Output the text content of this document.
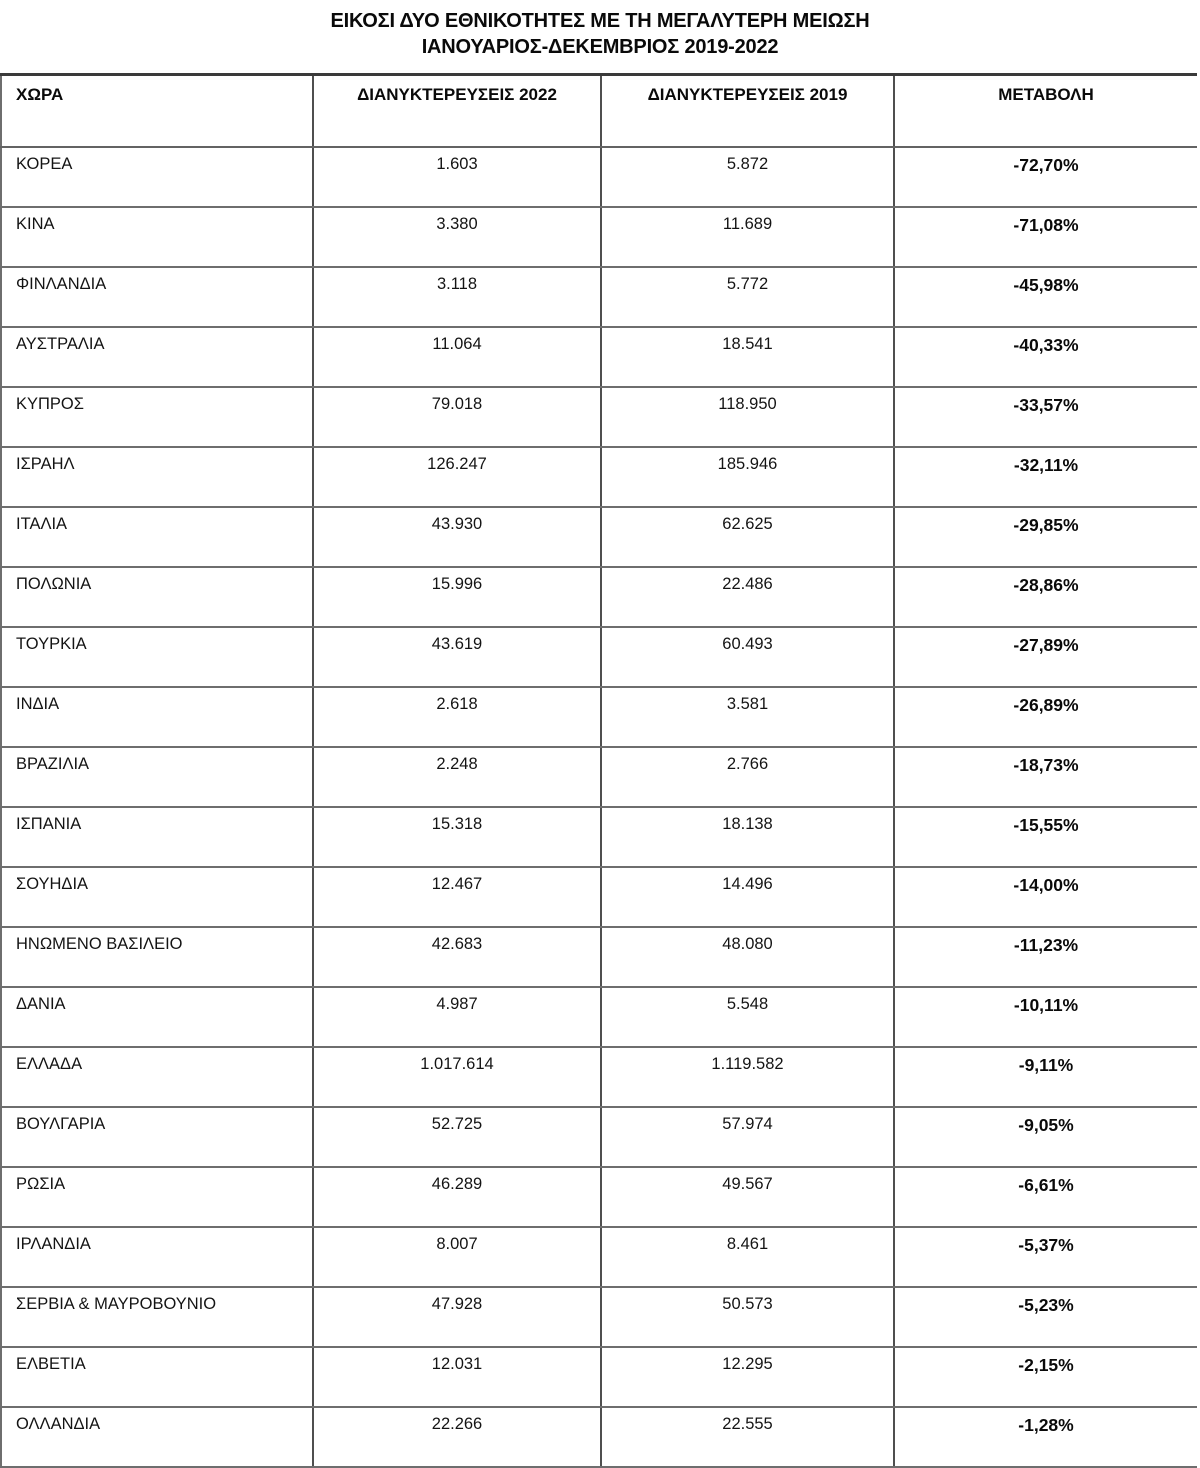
ΕΙΚΟΣΙ ΔΥΟ ΕΘΝΙΚΟΤΗΤΕΣ ΜΕ ΤΗ ΜΕΓΑΛΥΤΕΡΗ ΜΕΙΩΣΗ
ΙΑΝΟΥΑΡΙΟΣ-ΔΕΚΕΜΒΡΙΟΣ 2019-2022
ΧΩΡΑ	ΔΙΑΝΥΚΤΕΡΕΥΣΕΙΣ 2022	ΔΙΑΝΥΚΤΕΡΕΥΣΕΙΣ 2019	ΜΕΤΑΒΟΛΗ
ΚΟΡΕΑ	1.603	5.872	-72,70%
ΚΙΝΑ	3.380	11.689	-71,08%
ΦΙΝΛΑΝΔΙΑ	3.118	5.772	-45,98%
ΑΥΣΤΡΑΛΙΑ	11.064	18.541	-40,33%
ΚΥΠΡΟΣ	79.018	118.950	-33,57%
ΙΣΡΑΗΛ	126.247	185.946	-32,11%
ΙΤΑΛΙΑ	43.930	62.625	-29,85%
ΠΟΛΩΝΙΑ	15.996	22.486	-28,86%
ΤΟΥΡΚΙΑ	43.619	60.493	-27,89%
ΙΝΔΙΑ	2.618	3.581	-26,89%
ΒΡΑΖΙΛΙΑ	2.248	2.766	-18,73%
ΙΣΠΑΝΙΑ	15.318	18.138	-15,55%
ΣΟΥΗΔΙΑ	12.467	14.496	-14,00%
ΗΝΩΜΕΝΟ ΒΑΣΙΛΕΙΟ	42.683	48.080	-11,23%
ΔΑΝΙΑ	4.987	5.548	-10,11%
ΕΛΛΑΔΑ	1.017.614	1.119.582	-9,11%
ΒΟΥΛΓΑΡΙΑ	52.725	57.974	-9,05%
ΡΩΣΙΑ	46.289	49.567	-6,61%
ΙΡΛΑΝΔΙΑ	8.007	8.461	-5,37%
ΣΕΡΒΙΑ & ΜΑΥΡΟΒΟΥΝΙΟ	47.928	50.573	-5,23%
ΕΛΒΕΤΙΑ	12.031	12.295	-2,15%
ΟΛΛΑΝΔΙΑ	22.266	22.555	-1,28%
